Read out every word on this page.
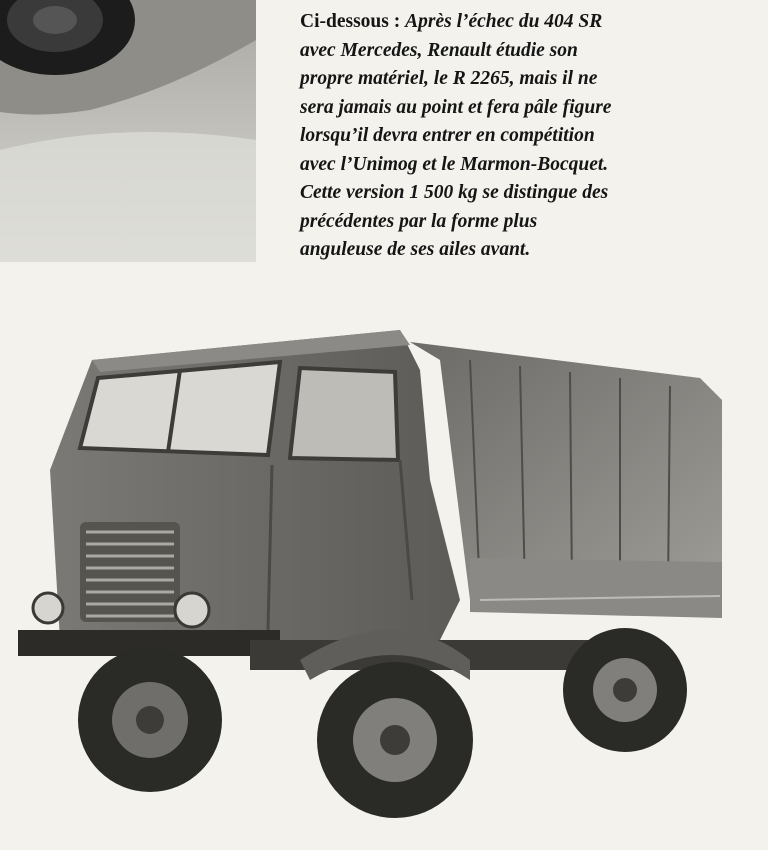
Ci-dessous : Après l’échec du 404 SR
avec Mercedes, Renault étudie son
propre matériel, le R 2265, mais il ne
sera jamais au point et fera pâle figure
lorsqu’il devra entrer en compétition
avec l’Unimog et le Marmon-Bocquet.
Cette version 1 500 kg se distingue des
précédentes par la forme plus
anguleuse de ses ailes avant.
